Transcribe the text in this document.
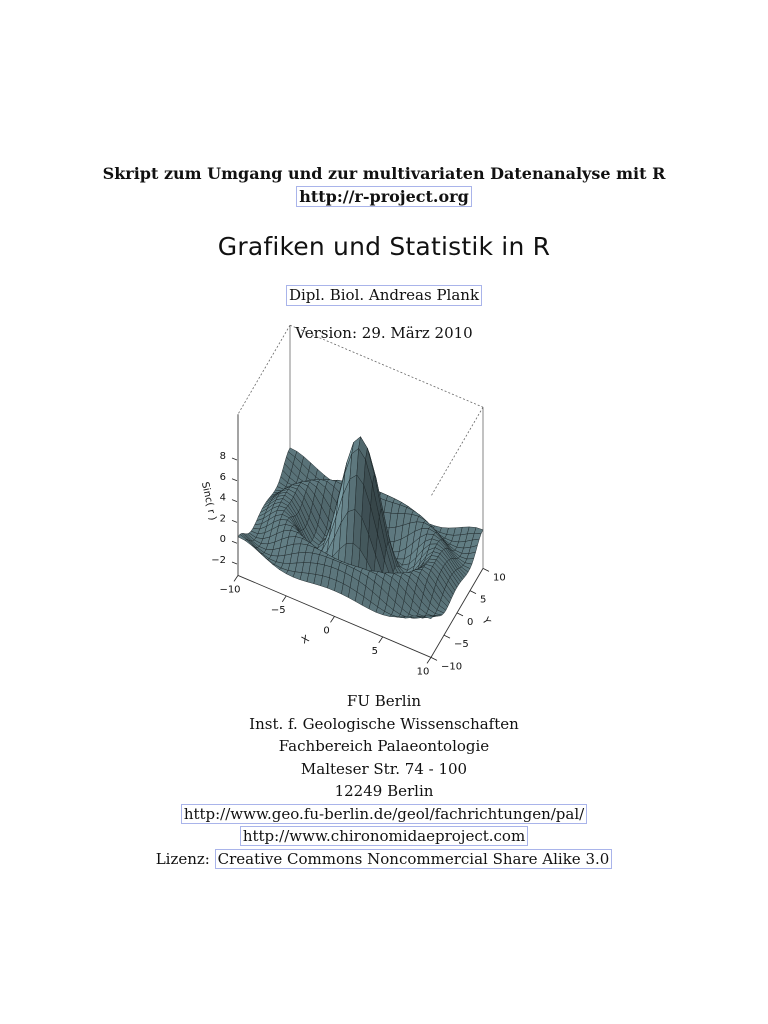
Skript zum Umgang und zur multivariaten Datenanalyse mit R
http://r-project.org
Grafiken und Statistik in R
Dipl. Biol. Andreas Plank
Version: 29. März 2010
8
6
4
2
0
−2
Sinc( r )
−10
−5
0
5
10
X
10
5
0
−5
−10
Y
FU Berlin
Inst. f. Geologische Wissenschaften
Fachbereich Palaeontologie
Malteser Str. 74 - 100
12249 Berlin
http://www.geo.fu-berlin.de/geol/fachrichtungen/pal/
http://www.chironomidaeproject.com
Lizenz: Creative Commons Noncommercial Share Alike 3.0
